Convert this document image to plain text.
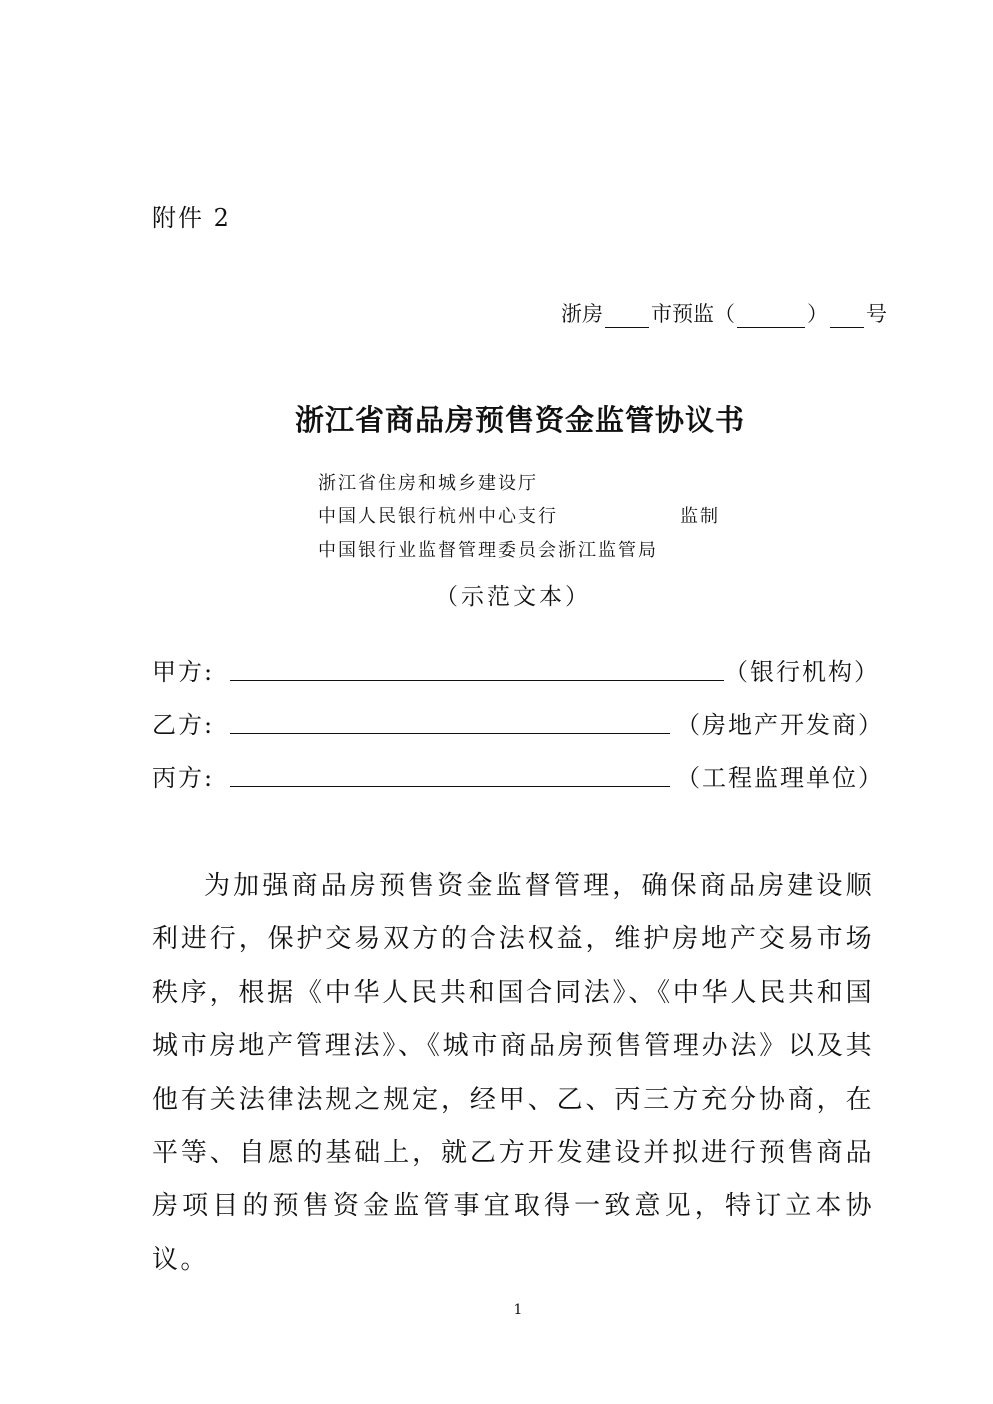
附件 2
浙房 市预监（	） 号
浙江省商品房预售资金监管协议书
浙江省住房和城乡建设厅
中国人民银行杭州中心支行
中国银行业监督管理委员会浙江监管局
监制
（示范文本）
甲方:	（银行机构）
乙方:	（房地产开发商）
丙方:	（工程监理单位）
为加强商品房预售资金监督管理，确保商品房建设顺利进行，保护交易双方的合法权益，维护房地产交易市场秩序，根据《中华人民共和国合同法》、《中华人民共和国城市房地产管理法》、《城市商品房预售管理办法》以及其他有关法律法规之规定，经甲、乙、丙三方充分协商，在平等、自愿的基础上，就乙方开发建设并拟进行预售商品房项目的预售资金监管事宜取得一致意见，特订立本协议。
1
